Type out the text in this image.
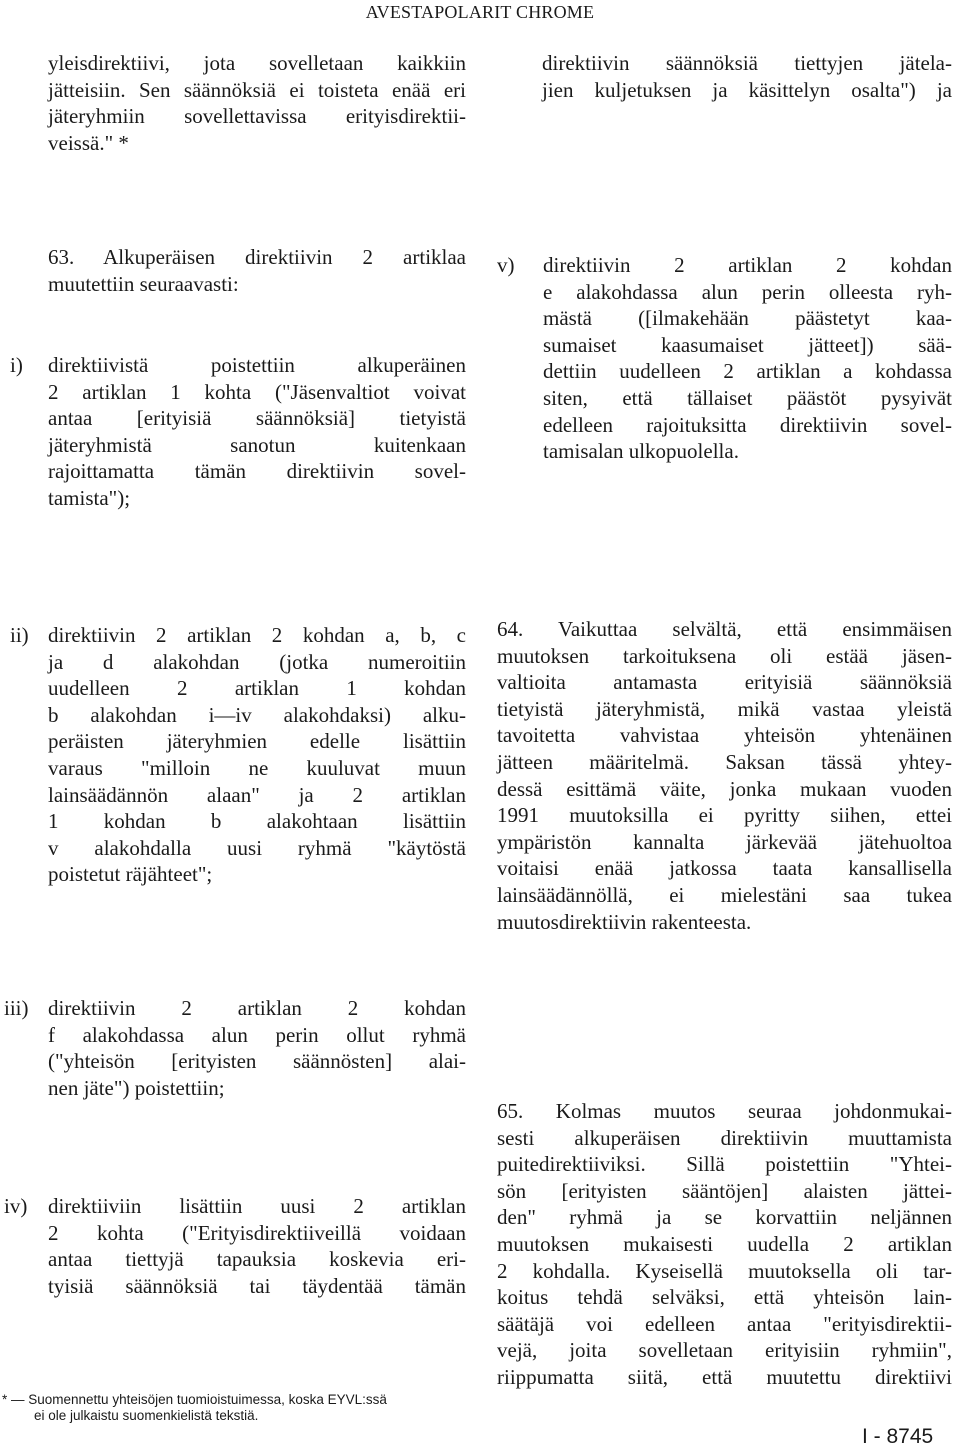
AVESTAPOLARIT CHROME
yleisdirektiivi, jota sovelletaan kaikkiin
jätteisiin. Sen säännöksiä ei toisteta enää eri
jäteryhmiin sovellettavissa erityisdirektii-
veissä." *
direktiivin säännöksiä tiettyjen jätela-
jien kuljetuksen ja käsittelyn osalta") ja
63. Alkuperäisen direktiivin 2 artiklaa
muutettiin seuraavasti:
i) direktiivistä poistettiin alkuperäinen
2 artiklan 1 kohta ("Jäsenvaltiot voivat
antaa [erityisiä säännöksiä] tietyistä
jäteryhmistä sanotun kuitenkaan
rajoittamatta tämän direktiivin sovel-
tamista");
ii) direktiivin 2 artiklan 2 kohdan a, b, c
ja d alakohdan (jotka numeroitiin
uudelleen 2 artiklan 1 kohdan
b alakohdan i—iv alakohdaksi) alku-
peräisten jäteryhmien edelle lisättiin
varaus "milloin ne kuuluvat muun
lainsäädännön alaan" ja 2 artiklan
1 kohdan b alakohtaan lisättiin
v alakohdalla uusi ryhmä "käytöstä
poistetut räjähteet";
iii) direktiivin 2 artiklan 2 kohdan
f alakohdassa alun perin ollut ryhmä
("yhteisön [erityisten säännösten] alai-
nen jäte") poistettiin;
iv) direktiiviin lisättiin uusi 2 artiklan
2 kohta ("Erityisdirektiiveillä voidaan
antaa tiettyjä tapauksia koskevia eri-
tyisiä säännöksiä tai täydentää tämän
* — Suomennettu yhteisöjen tuomioistuimessa, koska EYVL:ssä
ei ole julkaistu suomenkielistä tekstiä.
v) direktiivin 2 artiklan 2 kohdan
e alakohdassa alun perin olleesta ryh-
mästä ([ilmakehään päästetyt kaa-
sumaiset kaasumaiset jätteet]) sää-
dettiin uudelleen 2 artiklan a kohdassa
siten, että tällaiset päästöt pysyivät
edelleen rajoituksitta direktiivin sovel-
tamisalan ulkopuolella.
64. Vaikuttaa selvältä, että ensimmäisen
muutoksen tarkoituksena oli estää jäsen-
valtioita antamasta erityisiä säännöksiä
tietyistä jäteryhmistä, mikä vastaa yleistä
tavoitetta vahvistaa yhteisön yhtenäinen
jätteen määritelmä. Saksan tässä yhtey-
dessä esittämä väite, jonka mukaan vuoden
1991 muutoksilla ei pyritty siihen, ettei
ympäristön kannalta järkevää jätehuoltoa
voitaisi enää jatkossa taata kansallisella
lainsäädännöllä, ei mielestäni saa tukea
muutosdirektiivin rakenteesta.
65. Kolmas muutos seuraa johdonmukai-
sesti alkuperäisen direktiivin muuttamista
puitedirektiiviksi. Sillä poistettiin "Yhtei-
sön [erityisten sääntöjen] alaisten jättei-
den" ryhmä ja se korvattiin neljännen
muutoksen mukaisesti uudella 2 artiklan
2 kohdalla. Kyseisellä muutoksella oli tar-
koitus tehdä selväksi, että yhteisön lain-
säätäjä voi edelleen antaa "erityisdirektii-
vejä, joita sovelletaan erityisiin ryhmiin",
riippumatta siitä, että muutettu direktiivi
I - 8745
